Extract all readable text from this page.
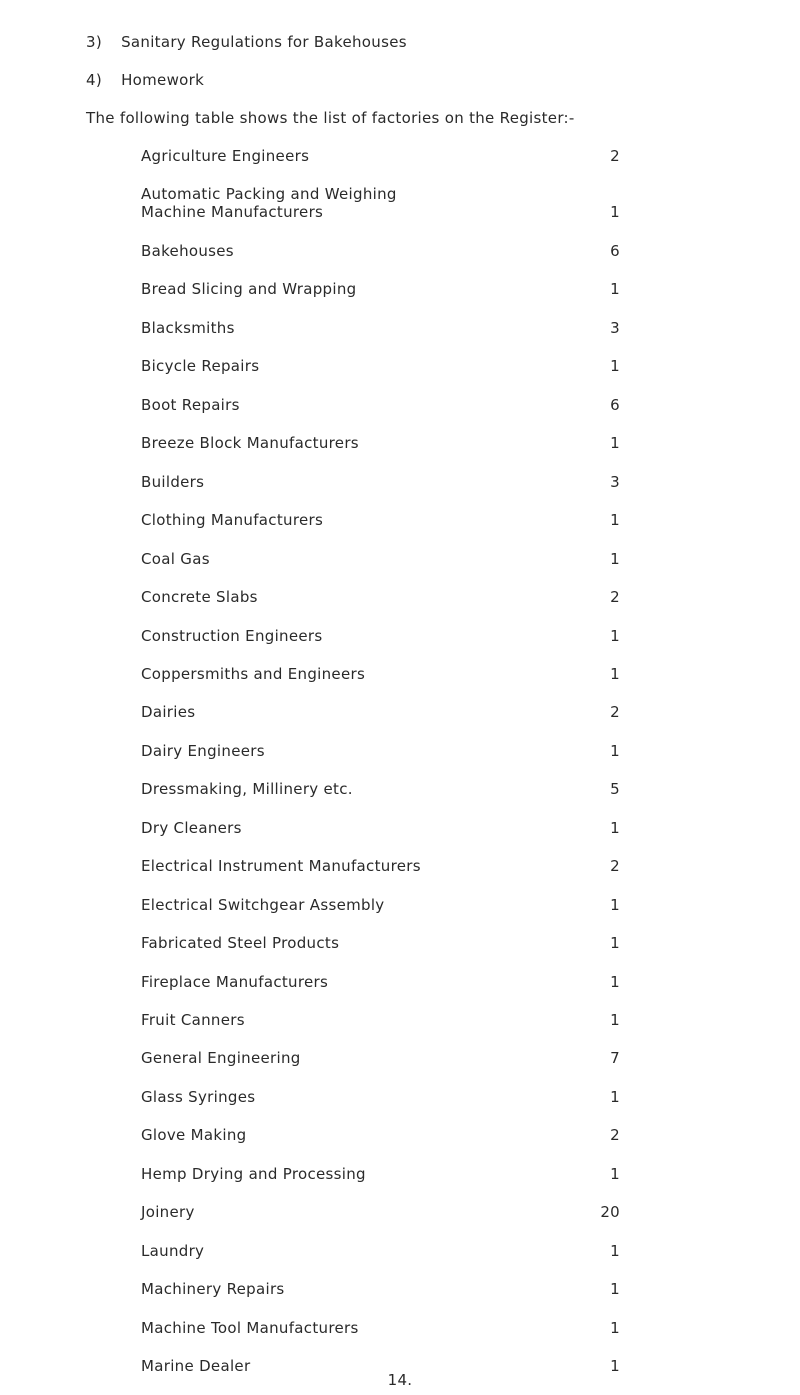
3) Sanitary Regulations for Bakehouses
4) Homework
The following table shows the list of factories on the Register:-
Agriculture Engineers	2
Automatic Packing and Weighing
Machine Manufacturers	1
Bakehouses	6
Bread Slicing and Wrapping	1
Blacksmiths	3
Bicycle Repairs	1
Boot Repairs	6
Breeze Block Manufacturers	1
Builders	3
Clothing Manufacturers	1
Coal Gas	1
Concrete Slabs	2
Construction Engineers	1
Coppersmiths and Engineers	1
Dairies	2
Dairy Engineers	1
Dressmaking, Millinery etc.	5
Dry Cleaners	1
Electrical Instrument Manufacturers	2
Electrical Switchgear Assembly	1
Fabricated Steel Products	1
Fireplace Manufacturers	1
Fruit Canners	1
General Engineering	7
Glass Syringes	1
Glove Making	2
Hemp Drying and Processing	1
Joinery	20
Laundry	1
Machinery Repairs	1
Machine Tool Manufacturers	1
Marine Dealer	1
14.
